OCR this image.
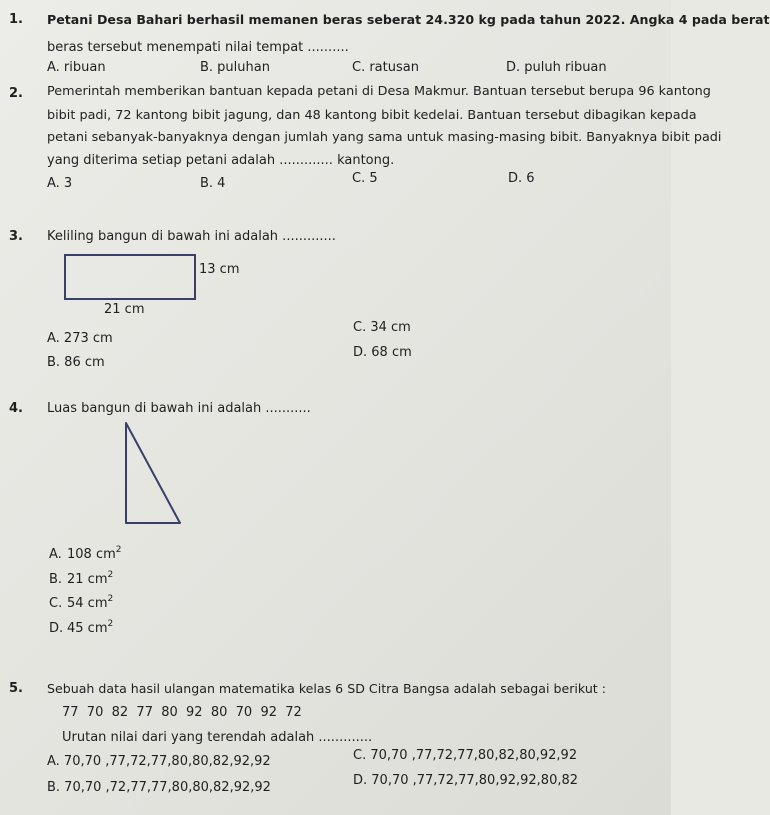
1. Petani Desa Bahari berhasil memanen beras seberat 24.320 kg pada tahun 2022. Angka 4 pada berat
beras tersebut menempati nilai tempat ..........
A. ribuan	B. puluhan	C. ratusan	D. puluh ribuan
2. Pemerintah memberikan bantuan kepada petani di Desa Makmur. Bantuan tersebut berupa 96 kantong
bibit padi, 72 kantong bibit jagung, dan 48 kantong bibit kedelai. Bantuan tersebut dibagikan kepada
petani sebanyak-banyaknya dengan jumlah yang sama untuk masing-masing bibit. Banyaknya bibit padi
yang diterima setiap petani adalah ............. kantong.
A. 3	B. 4	C. 5	D. 6
3. Keliling bangun di bawah ini adalah .............
13 cm
21 cm
A. 273 cm
B. 86 cm
C. 34 cm
D. 68 cm
4. Luas bangun di bawah ini adalah ...........
A. 108 $cm^2$
B. 21 $cm^2$
C. 54 $cm^2$
D. 45 $cm^2$
5. Sebuah data hasil ulangan matematika kelas 6 SD Citra Bangsa adalah sebagai berikut :
77  70  82  77  80  92  80  70  92  72
Urutan nilai dari yang terendah adalah .............
A. 70,70 ,77,72,77,80,80,82,92,92
B. 70,70 ,72,77,77,80,80,82,92,92
C. 70,70 ,77,72,77,80,82,80,92,92
D. 70,70 ,77,72,77,80,92,92,80,82
